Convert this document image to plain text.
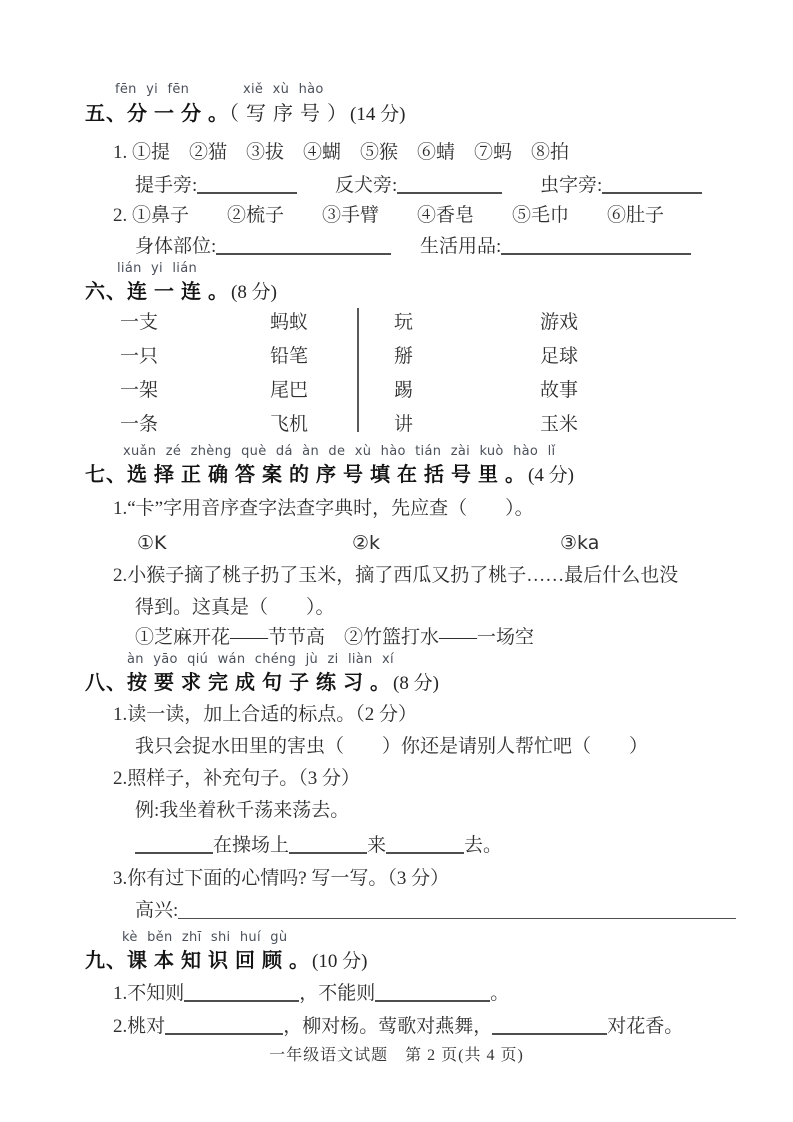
fēn yi fēn	xiě xù hào
五、分 一 分 。（ 写 序 号 ） (14 分)
1. ①提　②猫　③拔　④蝴　⑤猴　⑥蜻　⑦蚂　⑧拍
提手旁:	反犬旁:	虫字旁:
2. ①鼻子　　②梳子　　③手臂　　④香皂　　⑤毛巾　　⑥肚子
身体部位:	生活用品:
lián yi lián
六、连 一 连 。 (8 分)
一支	蚂蚁	玩	游戏
一只	铅笔	掰	足球
一架	尾巴	踢	故事
一条	飞机	讲	玉米
xuǎn zé zhèng què dá àn de xù hào tián zài kuò hào lǐ
七、选 择 正 确 答 案 的 序 号 填 在 括 号 里 。 (4 分)
1.“卡”字用音序查字法查字典时，先应查（　　）。
①K	②k	③ka
2.小猴子摘了桃子扔了玉米，摘了西瓜又扔了桃子……最后什么也没
得到。这真是（　　）。
①芝麻开花——节节高　②竹篮打水——一场空
àn yāo qiú wán chéng jù zi liàn xí
八、按 要 求 完 成 句 子 练 习 。 (8 分)
1.读一读，加上合适的标点。（2 分）
我只会捉水田里的害虫（　　）你还是请别人帮忙吧（　　）
2.照样子，补充句子。（3 分）
例:我坐着秋千荡来荡去。
在操场上	来	去。
3.你有过下面的心情吗? 写一写。（3 分）
高兴:
kè běn zhī shi huí gù
九、课 本 知 识 回 顾 。 (10 分)
1.不知则	，不能则	。
2.桃对	，柳对杨。莺歌对燕舞，	对花香。
一年级语文试题　第 2 页(共 4 页)
